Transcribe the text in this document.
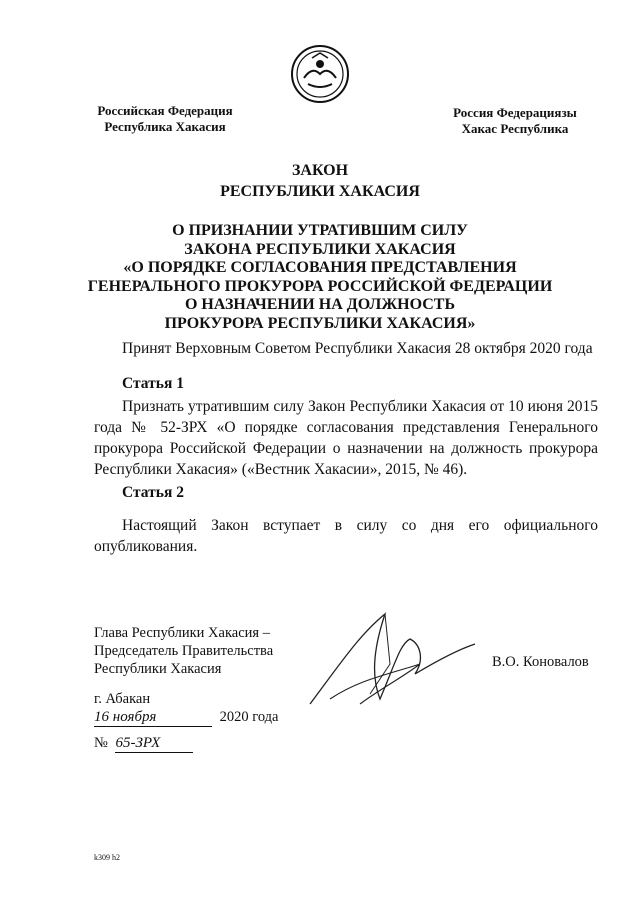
Российская Федерация
Республика Хакасия
Россия Федерациязы
Хакас Республика
ЗАКОН
РЕСПУБЛИКИ ХАКАСИЯ
О ПРИЗНАНИИ УТРАТИВШИМ СИЛУ
ЗАКОНА РЕСПУБЛИКИ ХАКАСИЯ
«О ПОРЯДКЕ СОГЛАСОВАНИЯ ПРЕДСТАВЛЕНИЯ
ГЕНЕРАЛЬНОГО ПРОКУРОРА РОССИЙСКОЙ ФЕДЕРАЦИИ
О НАЗНАЧЕНИИ НА ДОЛЖНОСТЬ
ПРОКУРОРА РЕСПУБЛИКИ ХАКАСИЯ»
Принят Верховным Советом Республики Хакасия 28 октября 2020 года
Статья 1
Признать утратившим силу Закон Республики Хакасия от 10 июня 2015 года № 52-ЗРХ «О порядке согласования представления Генерального прокурора Российской Федерации о назначении на должность прокурора Республики Хакасия» («Вестник Хакасии», 2015, № 46).
Статья 2
Настоящий Закон вступает в силу со дня его официального опубликования.
Глава Республики Хакасия –
Председатель Правительства
Республики Хакасия	В.О. Коновалов
г. Абакан
16 ноября	2020 года
№ 65-ЗРХ
k309 h2
